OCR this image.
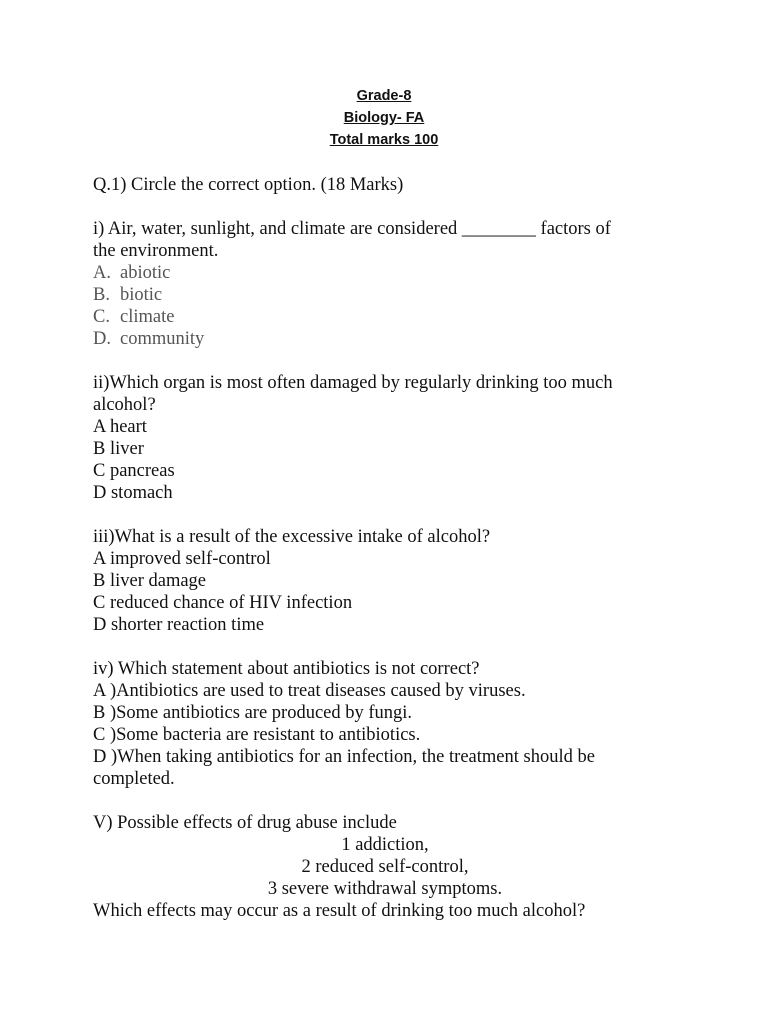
Grade-8
Biology- FA
Total marks 100
Q.1) Circle the correct option. (18 Marks)
i) Air, water, sunlight, and climate are considered ________ factors of
the environment.
A. abiotic
B. biotic
C. climate
D. community
ii)Which organ is most often damaged by regularly drinking too much
alcohol?
A heart
B liver
C pancreas
D stomach
iii)What is a result of the excessive intake of alcohol?
A improved self-control
B liver damage
C reduced chance of HIV infection
D shorter reaction time
iv) Which statement about antibiotics is not correct?
A )Antibiotics are used to treat diseases caused by viruses.
B )Some antibiotics are produced by fungi.
C )Some bacteria are resistant to antibiotics.
D )When taking antibiotics for an infection, the treatment should be
completed.
V) Possible effects of drug abuse include
1 addiction,
2 reduced self-control,
3 severe withdrawal symptoms.
Which effects may occur as a result of drinking too much alcohol?
